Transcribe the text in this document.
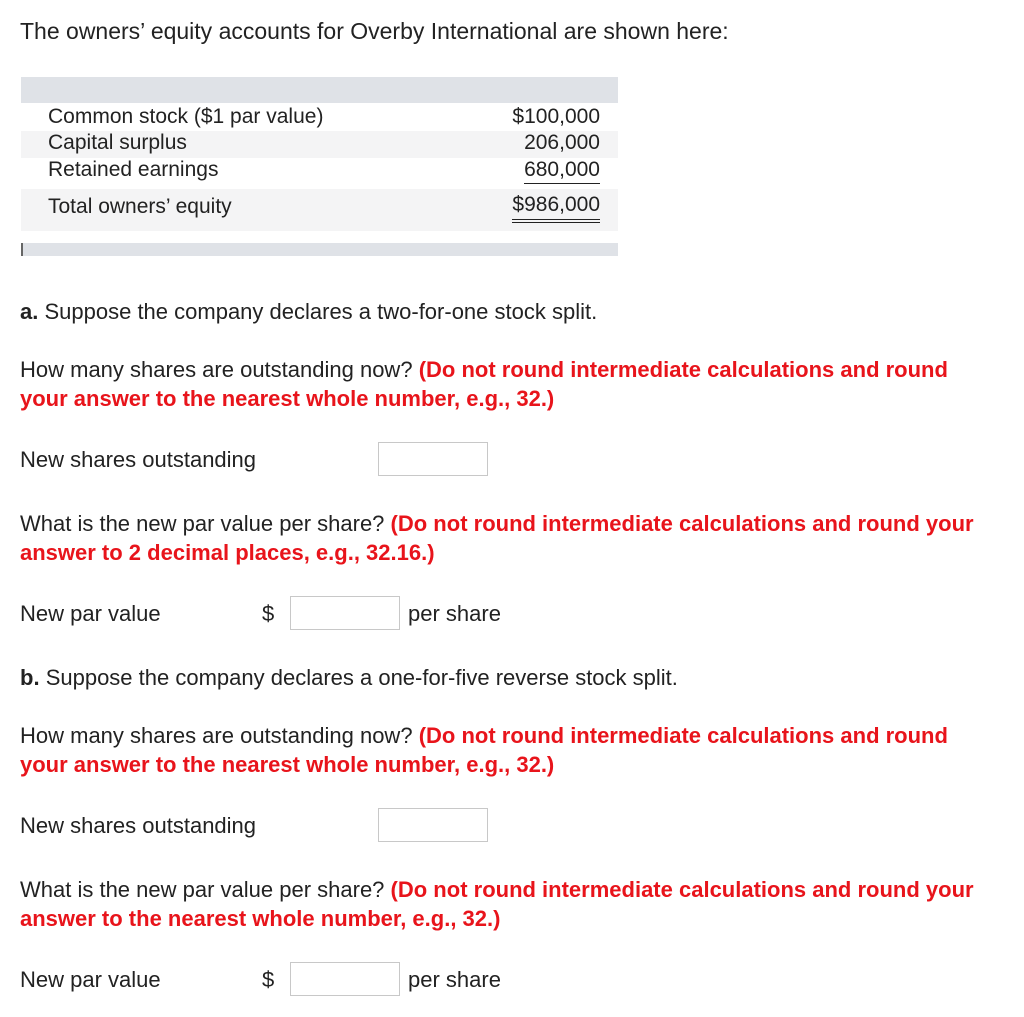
The owners’ equity accounts for Overby International are shown here:
Common stock ($1 par value)	$100,000
Capital surplus	206,000
Retained earnings	680,000
Total owners’ equity	$986,000
a. Suppose the company declares a two-for-one stock split.
How many shares are outstanding now? (Do not round intermediate calculations and round your answer to the nearest whole number, e.g., 32.)
New shares outstanding
What is the new par value per share? (Do not round intermediate calculations and round your answer to 2 decimal places, e.g., 32.16.)
New par value	$	per share
b. Suppose the company declares a one-for-five reverse stock split.
How many shares are outstanding now? (Do not round intermediate calculations and round your answer to the nearest whole number, e.g., 32.)
New shares outstanding
What is the new par value per share? (Do not round intermediate calculations and round your answer to the nearest whole number, e.g., 32.)
New par value	$	per share
